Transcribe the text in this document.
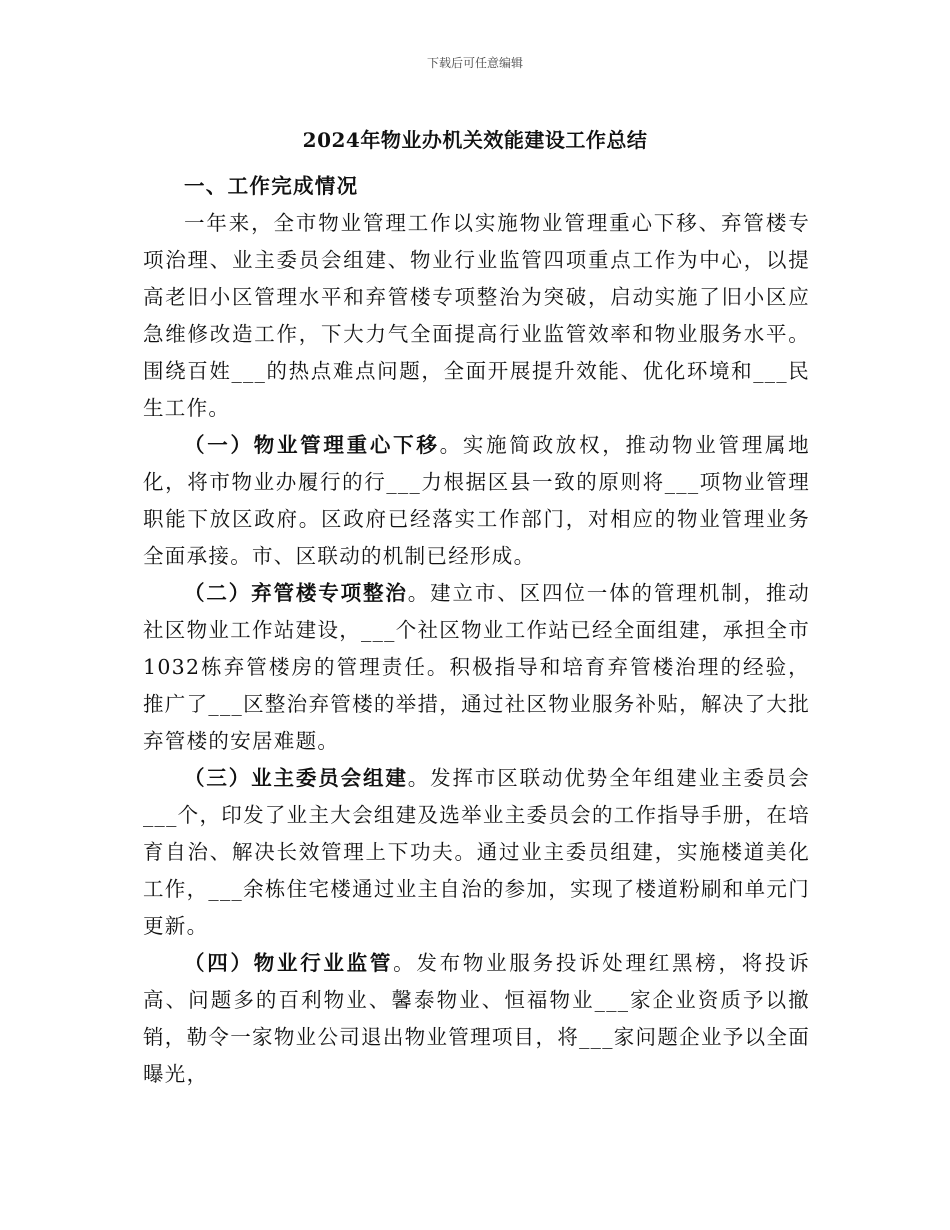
下载后可任意编辑
2024年物业办机关效能建设工作总结
一、工作完成情况

一年来，全市物业管理工作以实施物业管理重心下移、弃管楼专项治理、业主委员会组建、物业行业监管四项重点工作为中心，以提高老旧小区管理水平和弃管楼专项整治为突破，启动实施了旧小区应急维修改造工作，下大力气全面提高行业监管效率和物业服务水平。围绕百姓___的热点难点问题，全面开展提升效能、优化环境和___民生工作。

（一）物业管理重心下移。实施简政放权，推动物业管理属地化，将市物业办履行的行___力根据区县一致的原则将___项物业管理职能下放区政府。区政府已经落实工作部门，对相应的物业管理业务全面承接。市、区联动的机制已经形成。

（二）弃管楼专项整治。建立市、区四位一体的管理机制，推动社区物业工作站建设，___个社区物业工作站已经全面组建，承担全市1032栋弃管楼房的管理责任。积极指导和培育弃管楼治理的经验，推广了___区整治弃管楼的举措，通过社区物业服务补贴，解决了大批弃管楼的安居难题。

（三）业主委员会组建。发挥市区联动优势全年组建业主委员会___个，印发了业主大会组建及选举业主委员会的工作指导手册，在培育自治、解决长效管理上下功夫。通过业主委员组建，实施楼道美化工作，___余栋住宅楼通过业主自治的参加，实现了楼道粉刷和单元门更新。

（四）物业行业监管。发布物业服务投诉处理红黑榜，将投诉高、问题多的百利物业、馨泰物业、恒福物业___家企业资质予以撤销，勒令一家物业公司退出物业管理项目，将___家问题企业予以全面曝光，
